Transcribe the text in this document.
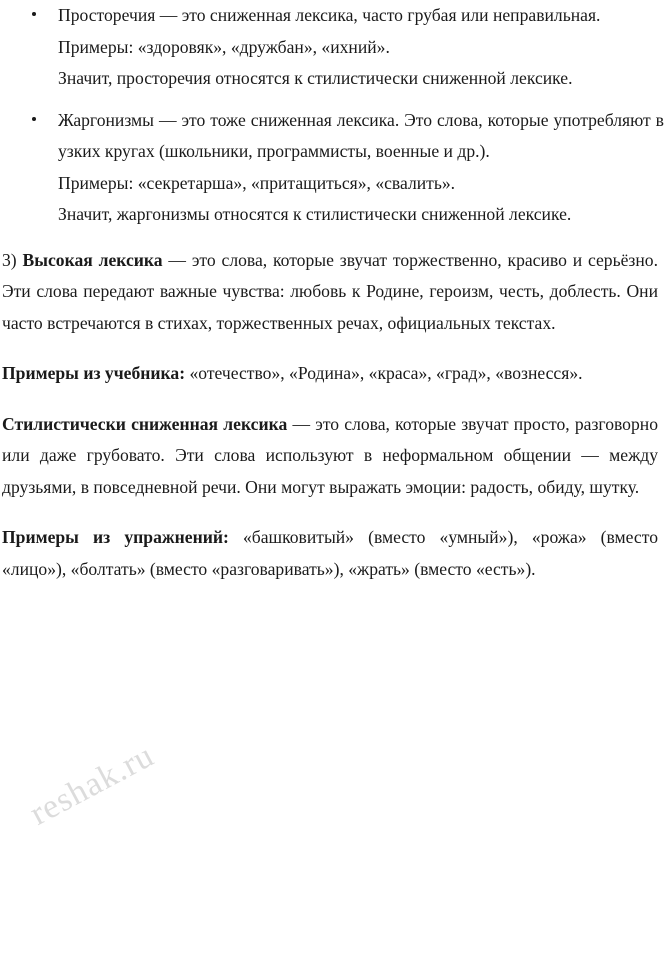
reshak.ru

Просторечия — это сниженная лексика, часто грубая или неправильная.

Примеры: «здоровяк», «дружбан», «ихний».

Значит, просторечия относятся к стилистически сниженной лексике.

Жаргонизмы — это тоже сниженная лексика. Это слова, которые употребляют в узких кругах (школьники, программисты, военные и др.).

Примеры: «секретарша», «притащиться», «свалить».

Значит, жаргонизмы относятся к стилистически сниженной лексике.

3) Высокая лексика — это слова, которые звучат торжественно, красиво и серьёзно. Эти слова передают важные чувства: любовь к Родине, героизм, честь, доблесть. Они часто встречаются в стихах, торжественных речах, официальных текстах.

Примеры из учебника: «отечество», «Родина», «краса», «град», «вознесся».

Стилистически сниженная лексика — это слова, которые звучат просто, разговорно или даже грубовато. Эти слова используют в неформальном общении — между друзьями, в повседневной речи. Они могут выражать эмоции: радость, обиду, шутку.

Примеры из упражнений: «башковитый» (вместо «умный»), «рожа» (вместо «лицо»), «болтать» (вместо «разговаривать»), «жрать» (вместо «есть»).
